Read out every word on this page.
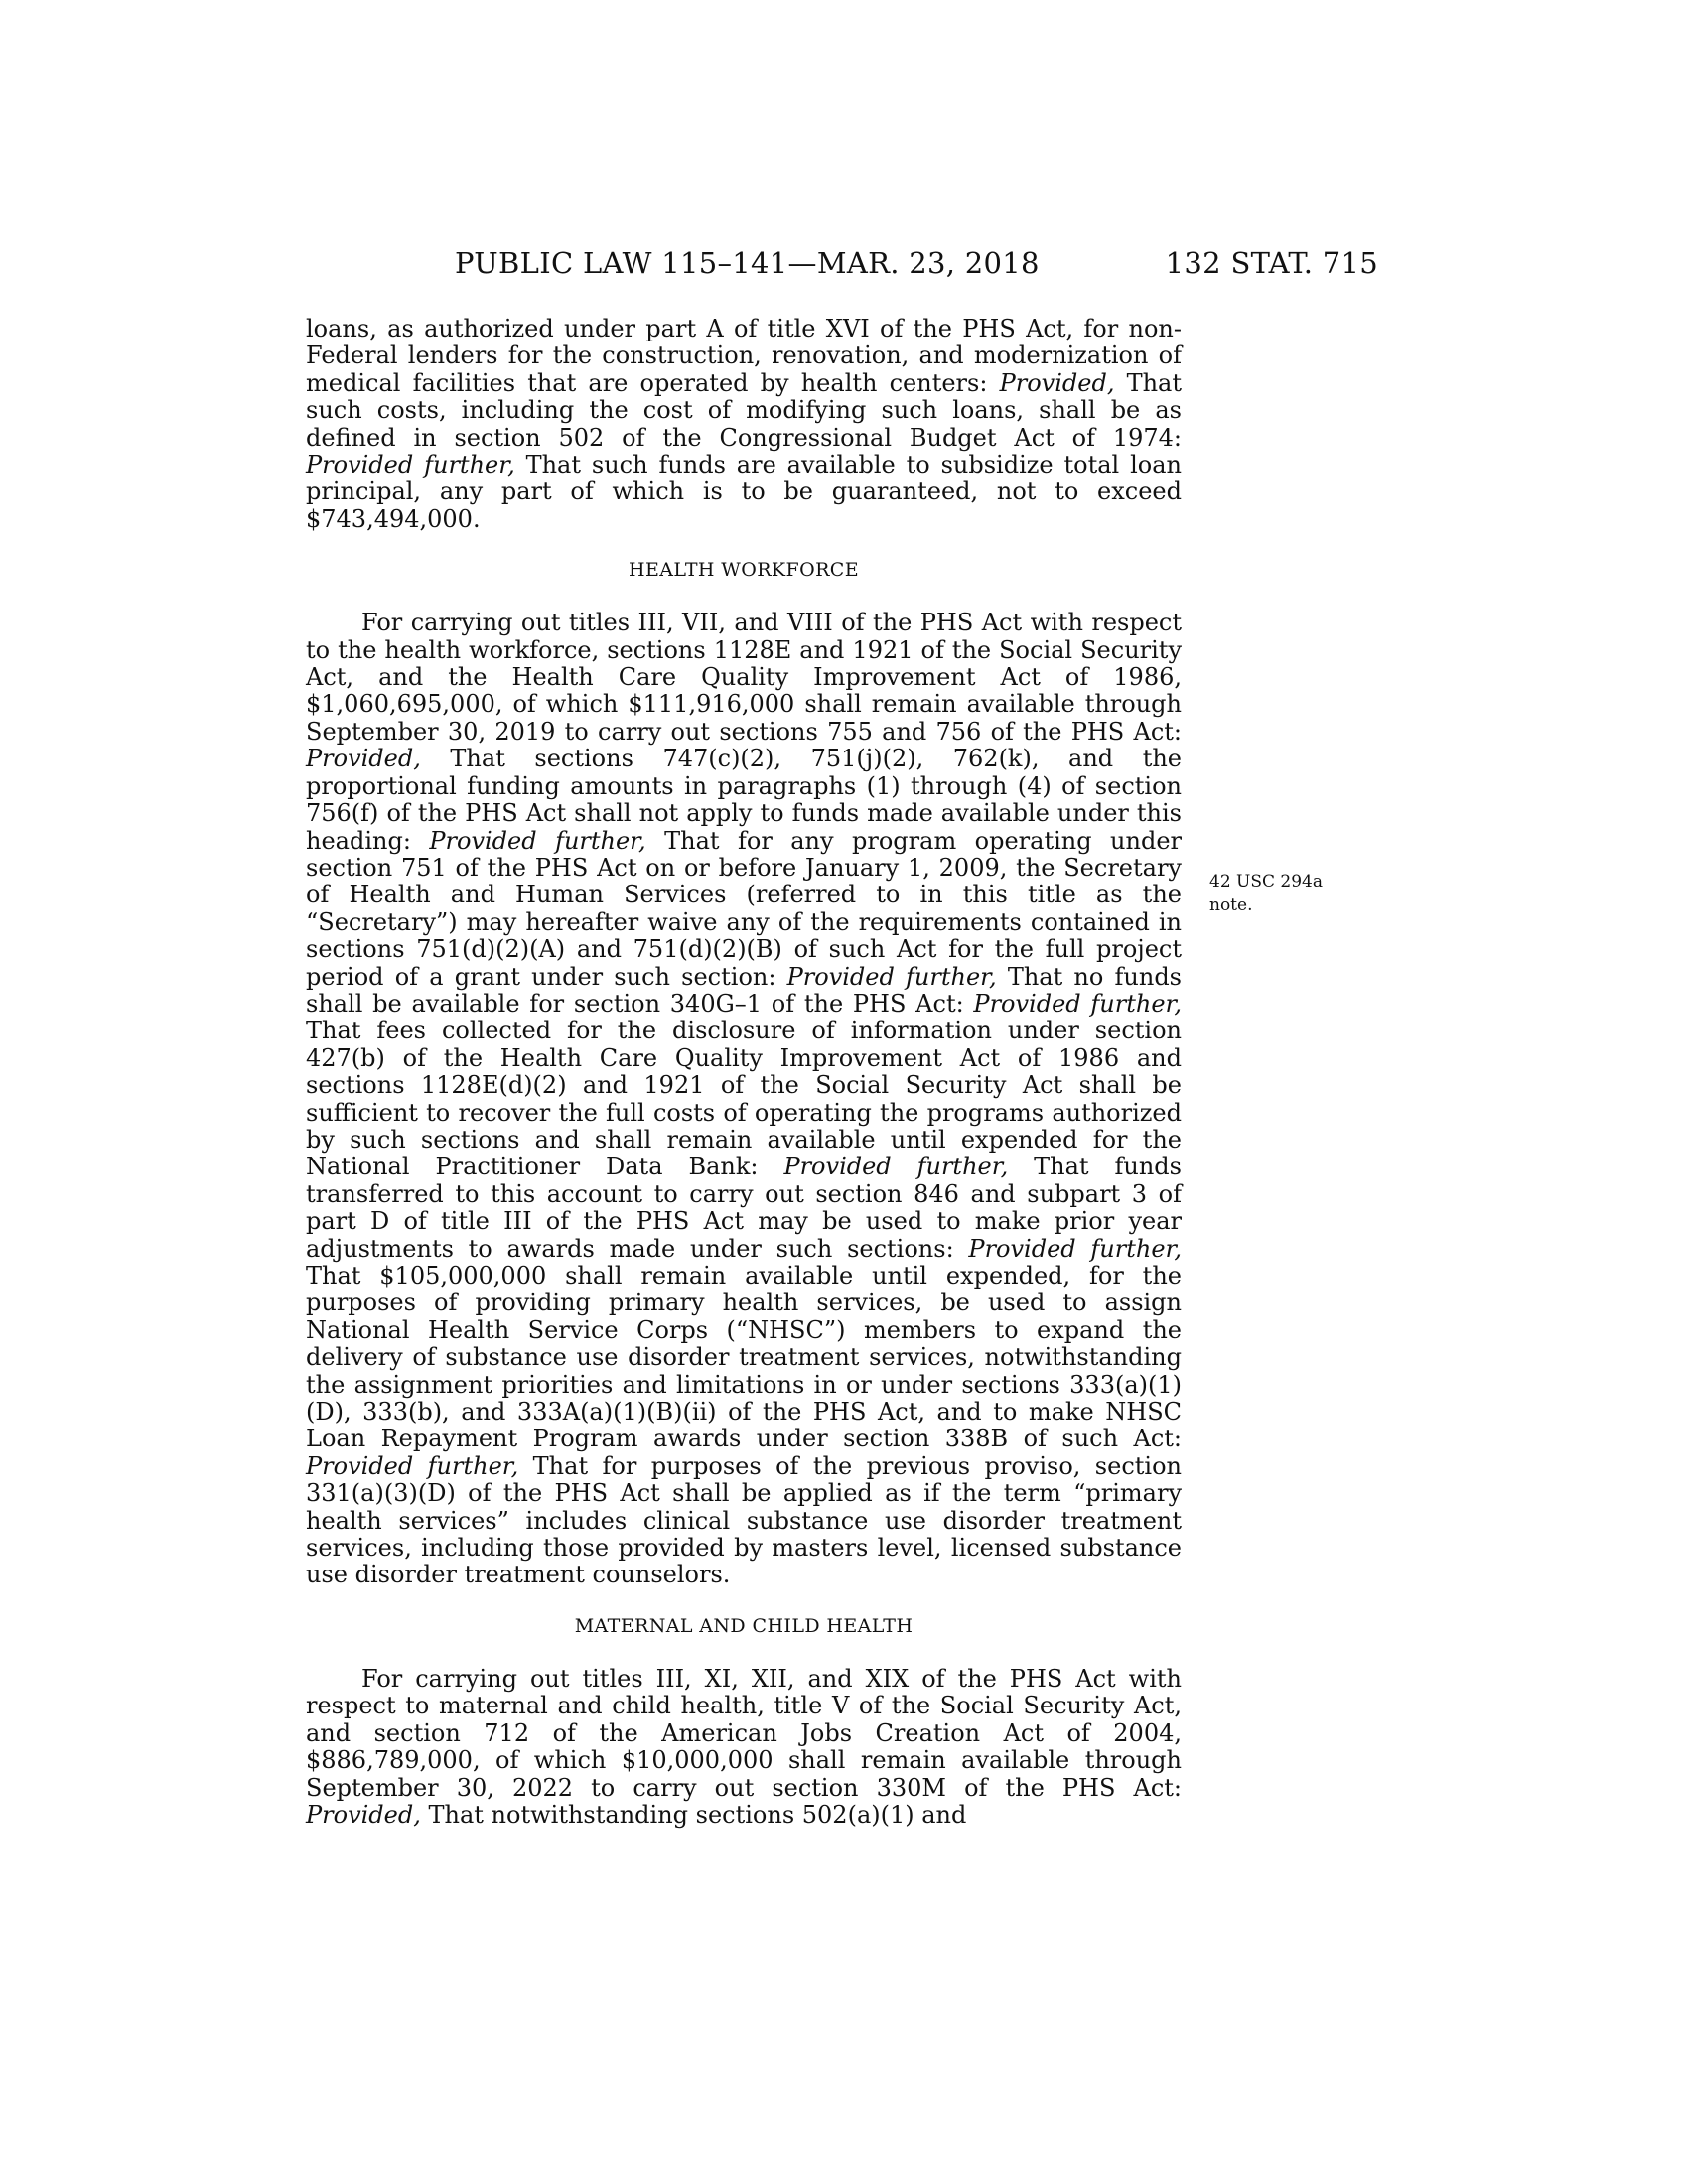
PUBLIC LAW 115–141—MAR. 23, 2018	132 STAT. 715

loans, as authorized under part A of title XVI of the PHS Act, for non-Federal lenders for the construction, renovation, and modernization of medical facilities that are operated by health centers: Provided, That such costs, including the cost of modifying such loans, shall be as defined in section 502 of the Congressional Budget Act of 1974: Provided further, That such funds are available to subsidize total loan principal, any part of which is to be guaranteed, not to exceed $743,494,000.

HEALTH WORKFORCE

For carrying out titles III, VII, and VIII of the PHS Act with respect to the health workforce, sections 1128E and 1921 of the Social Security Act, and the Health Care Quality Improvement Act of 1986, $1,060,695,000, of which $111,916,000 shall remain available through September 30, 2019 to carry out sections 755 and 756 of the PHS Act: Provided, That sections 747(c)(2), 751(j)(2), 762(k), and the proportional funding amounts in paragraphs (1) through (4) of section 756(f) of the PHS Act shall not apply to funds made available under this heading: Provided further, That for any program operating under section 751 of the PHS Act on or before January 1, 2009, the Secretary of Health and Human Services (referred to in this title as the “Secretary”) may hereafter waive any of the requirements contained in sections 751(d)(2)(A) and 751(d)(2)(B) of such Act for the full project period of a grant under such section: Provided further, That no funds shall be available for section 340G–1 of the PHS Act: Provided further, That fees collected for the disclosure of information under section 427(b) of the Health Care Quality Improvement Act of 1986 and sections 1128E(d)(2) and 1921 of the Social Security Act shall be sufficient to recover the full costs of operating the programs authorized by such sections and shall remain available until expended for the National Practitioner Data Bank: Provided further, That funds transferred to this account to carry out section 846 and subpart 3 of part D of title III of the PHS Act may be used to make prior year adjustments to awards made under such sections: Provided further, That $105,000,000 shall remain available until expended, for the purposes of providing primary health services, be used to assign National Health Service Corps (“NHSC”) members to expand the delivery of substance use disorder treatment services, notwithstanding the assignment priorities and limitations in or under sections 333(a)(1)(D), 333(b), and 333A(a)(1)(B)(ii) of the PHS Act, and to make NHSC Loan Repayment Program awards under section 338B of such Act: Provided further, That for purposes of the previous proviso, section 331(a)(3)(D) of the PHS Act shall be applied as if the term “primary health services” includes clinical substance use disorder treatment services, including those provided by masters level, licensed substance use disorder treatment counselors.

MATERNAL AND CHILD HEALTH

For carrying out titles III, XI, XII, and XIX of the PHS Act with respect to maternal and child health, title V of the Social Security Act, and section 712 of the American Jobs Creation Act of 2004, $886,789,000, of which $10,000,000 shall remain available through September 30, 2022 to carry out section 330M of the PHS Act: Provided, That notwithstanding sections 502(a)(1) and

42 USC 294a
note.
